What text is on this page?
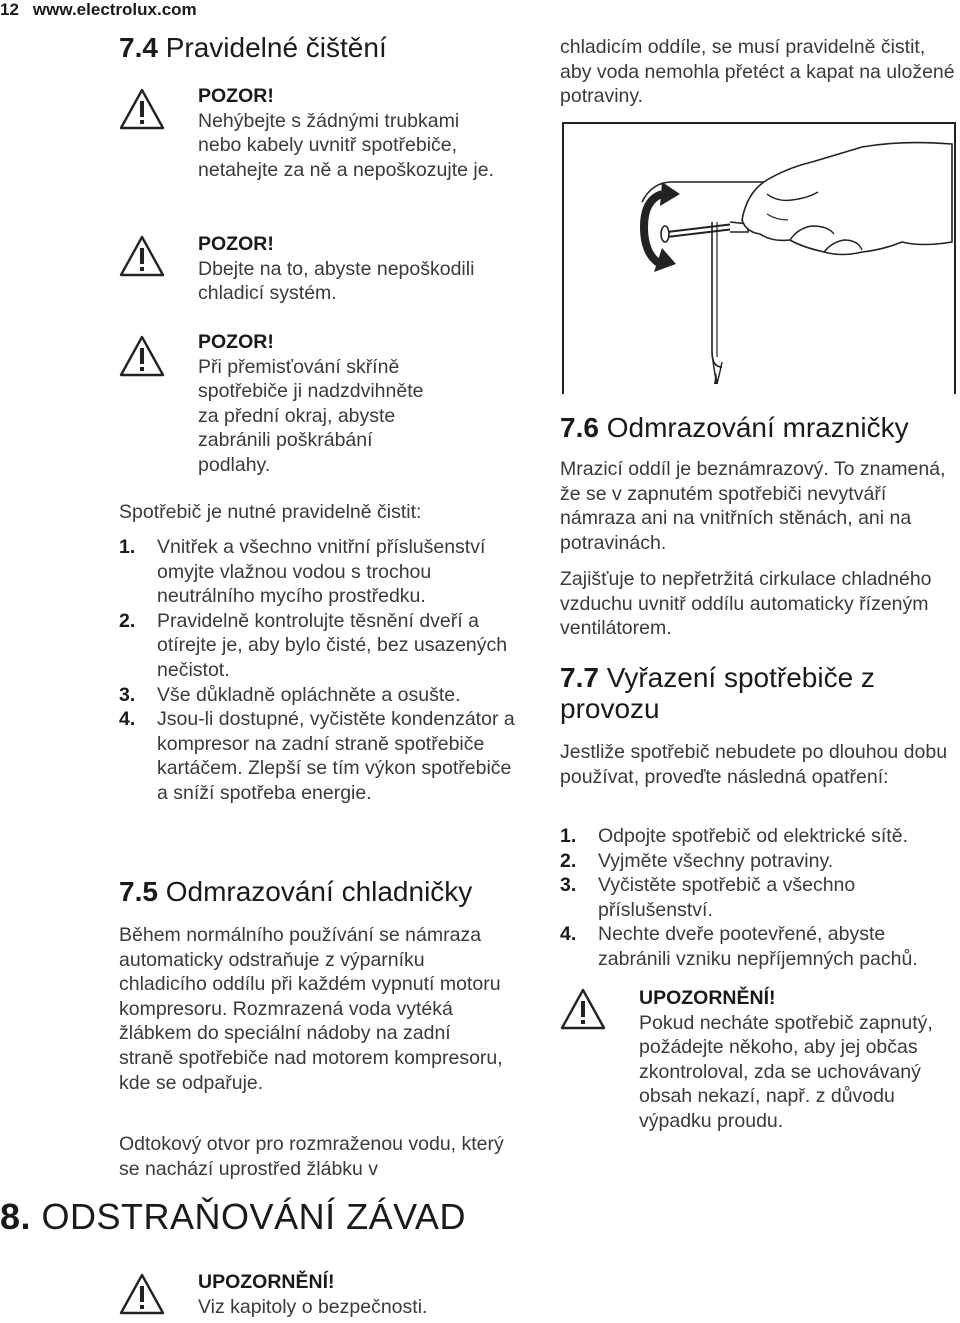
12 www.electrolux.com
7.4 Pravidelné čištění
POZOR!
Nehýbejte s žádnými trubkami nebo kabely uvnitř spotřebiče, netahejte za ně a nepoškozujte je.
POZOR!
Dbejte na to, abyste nepoškodili chladicí systém.
POZOR!
Při přemisťování skříně spotřebiče ji nadzdvihněte za přední okraj, abyste zabránili poškrábání podlahy.
Spotřebič je nutné pravidelně čistit:
1. Vnitřek a všechno vnitřní příslušenství omyjte vlažnou vodou s trochou neutrálního mycího prostředku.
2. Pravidelně kontrolujte těsnění dveří a otírejte je, aby bylo čisté, bez usazených nečistot.
3. Vše důkladně opláchněte a osušte.
4. Jsou-li dostupné, vyčistěte kondenzátor a kompresor na zadní straně spotřebiče kartáčem. Zlepší se tím výkon spotřebiče a sníží spotřeba energie.
7.5 Odmrazování chladničky
Během normálního používání se námraza automaticky odstraňuje z výparníku chladicího oddílu při každém vypnutí motoru kompresoru. Rozmrazená voda vytéká žlábkem do speciální nádoby na zadní straně spotřebiče nad motorem kompresoru, kde se odpařuje.
Odtokový otvor pro rozmraženou vodu, který se nachází uprostřed žlábku v
8. ODSTRAŇOVÁNÍ ZÁVAD
UPOZORNĚNÍ!
Viz kapitoly o bezpečnosti.
chladicím oddíle, se musí pravidelně čistit, aby voda nemohla přetéct a kapat na uložené potraviny.
7.6 Odmrazování mrazničky
Mrazicí oddíl je beznámrazový. To znamená, že se v zapnutém spotřebiči nevytváří námraza ani na vnitřních stěnách, ani na potravinách.
Zajišťuje to nepřetržitá cirkulace chladného vzduchu uvnitř oddílu automaticky řízeným ventilátorem.
7.7 Vyřazení spotřebiče z
provozu
Jestliže spotřebič nebudete po dlouhou dobu používat, proveďte následná opatření:
1. Odpojte spotřebič od elektrické sítě.
2. Vyjměte všechny potraviny.
3. Vyčistěte spotřebič a všechno příslušenství.
4. Nechte dveře pootevřené, abyste zabránili vzniku nepříjemných pachů.
UPOZORNĚNÍ!
Pokud necháte spotřebič zapnutý, požádejte někoho, aby jej občas zkontroloval, zda se uchovávaný obsah nekazí, např. z důvodu výpadku proudu.
